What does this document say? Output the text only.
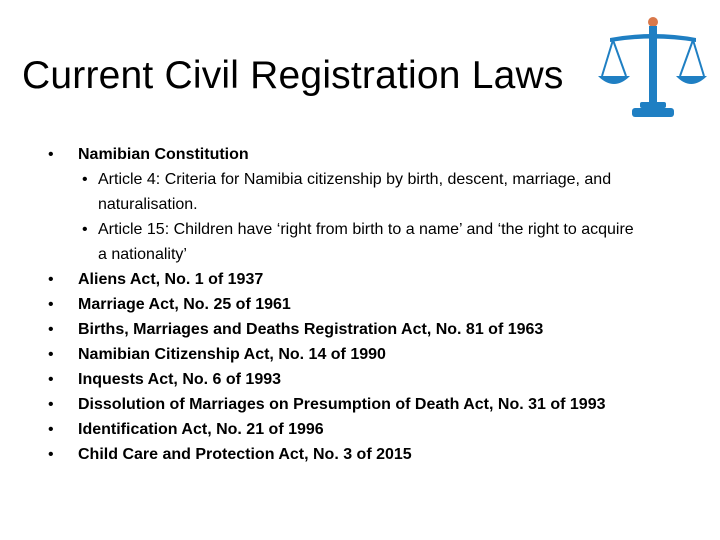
Current Civil Registration Laws
• Namibian Constitution
• Article 4: Criteria for Namibia citizenship by birth, descent, marriage, and naturalisation.
• Article 15: Children have ‘right from birth to a name’ and ‘the right to acquire a nationality’
• Aliens Act, No. 1 of 1937
• Marriage Act, No. 25 of 1961
• Births, Marriages and Deaths Registration Act, No. 81 of 1963
• Namibian Citizenship Act, No. 14 of 1990
• Inquests Act, No. 6 of 1993
• Dissolution of Marriages on Presumption of Death Act, No. 31 of 1993
• Identification Act, No. 21 of 1996
• Child Care and Protection Act, No. 3 of 2015
